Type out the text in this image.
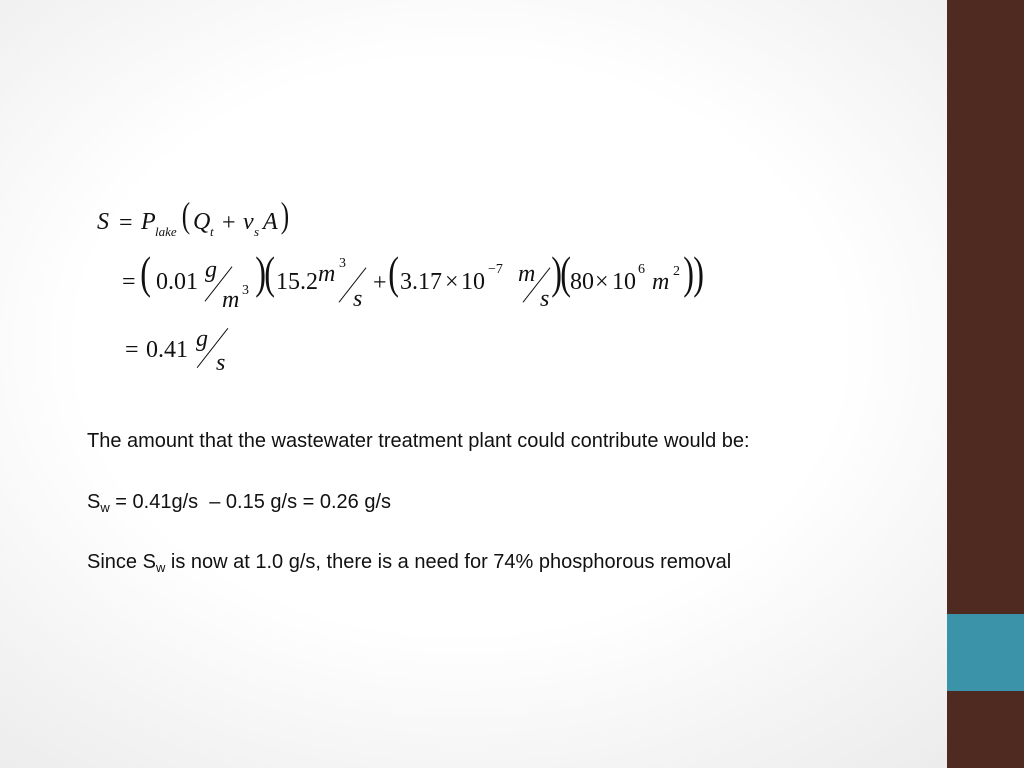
S = P lake ( Q t + v s A )
= ( 0.01 g
m 3 )
( 15.2 m 3
s
+ ( 3.17 × 10 −7 m
s
)
(
80 × 10 6 m 2 ) )
= 0.41 g
s
The amount that the wastewater treatment plant could contribute would be:
$S_w = 0.41g/s - 0.15$ g/s = 0.26 g/s
Since $S_w$ is now at 1.0 g/s, there is a need for 74% phosphorous removal
